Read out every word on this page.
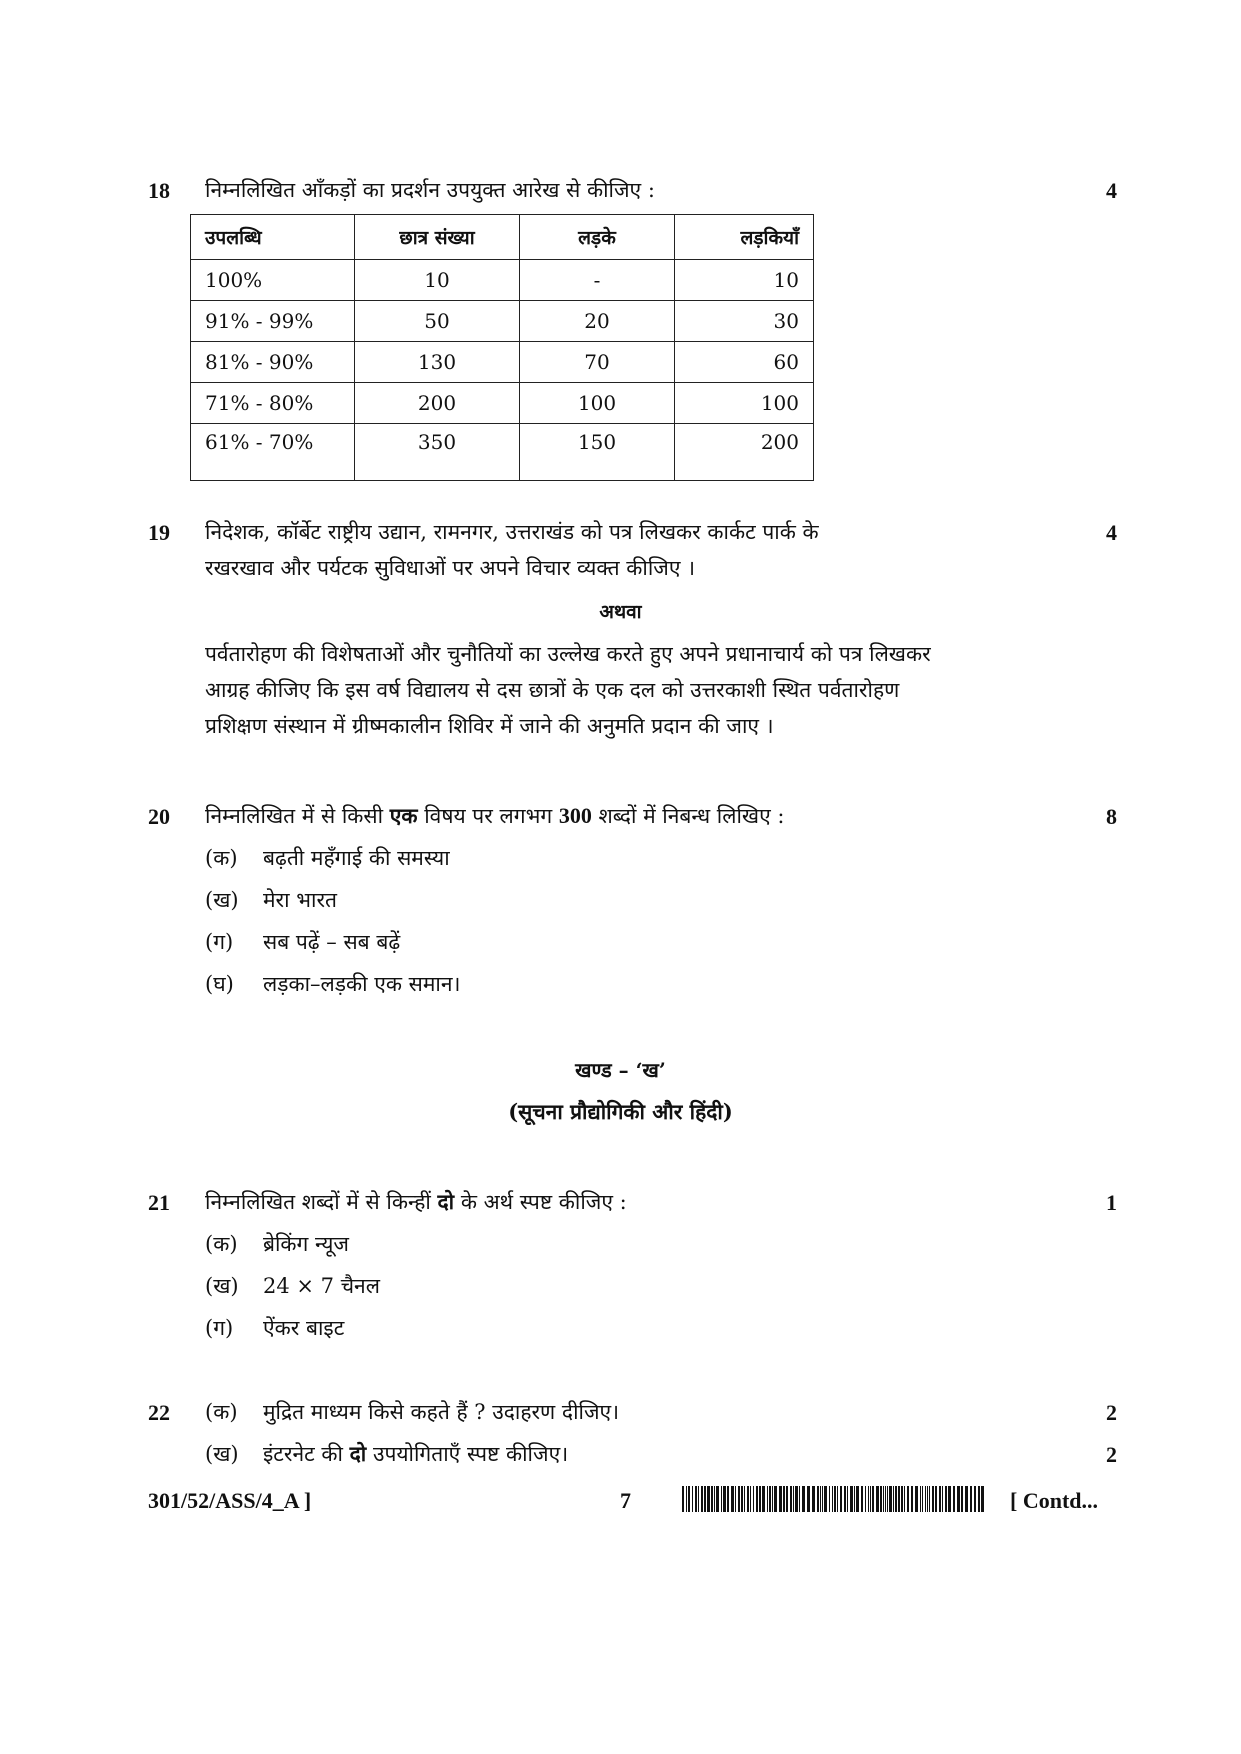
18 निम्नलिखित आँकड़ों का प्रदर्शन उपयुक्त आरेख से कीजिए :	4
उपलब्धि	छात्र संख्या	लड़के	लड़कियाँ
100%	10	-	10
91% - 99%	50	20	30
81% - 90%	130	70	60
71% - 80%	200	100	100
61% - 70%	350	150	200
19 निदेशक, कॉर्बेट राष्ट्रीय उद्यान, रामनगर, उत्तराखंड को पत्र लिखकर कार्कट पार्क के	4
रखरखाव और पर्यटक सुविधाओं पर अपने विचार व्यक्त कीजिए ।
अथवा
पर्वतारोहण की विशेषताओं और चुनौतियों का उल्लेख करते हुए अपने प्रधानाचार्य को पत्र लिखकर
आग्रह कीजिए कि इस वर्ष विद्यालय से दस छात्रों के एक दल को उत्तरकाशी स्थित पर्वतारोहण
प्रशिक्षण संस्थान में ग्रीष्मकालीन शिविर में जाने की अनुमति प्रदान की जाए ।
20 निम्नलिखित में से किसी एक विषय पर लगभग 300 शब्दों में निबन्ध लिखिए :	8
(क) बढ़ती महँगाई की समस्या
(ख) मेरा भारत
(ग) सब पढ़ें – सब बढ़ें
(घ) लड़का–लड़की एक समान।
खण्ड – ‘ख’
(सूचना प्रौद्योगिकी और हिंदी)
21 निम्नलिखित शब्दों में से किन्हीं दो के अर्थ स्पष्ट कीजिए :	1
(क) ब्रेकिंग न्यूज
(ख) 24 × 7 चैनल
(ग) ऐंकर बाइट
22 (क) मुद्रित माध्यम किसे कहते हैं ? उदाहरण दीजिए।	2
(ख) इंटरनेट की दो उपयोगिताएँ स्पष्ट कीजिए।	2
301/52/ASS/4_A ]	7	[ Contd...
